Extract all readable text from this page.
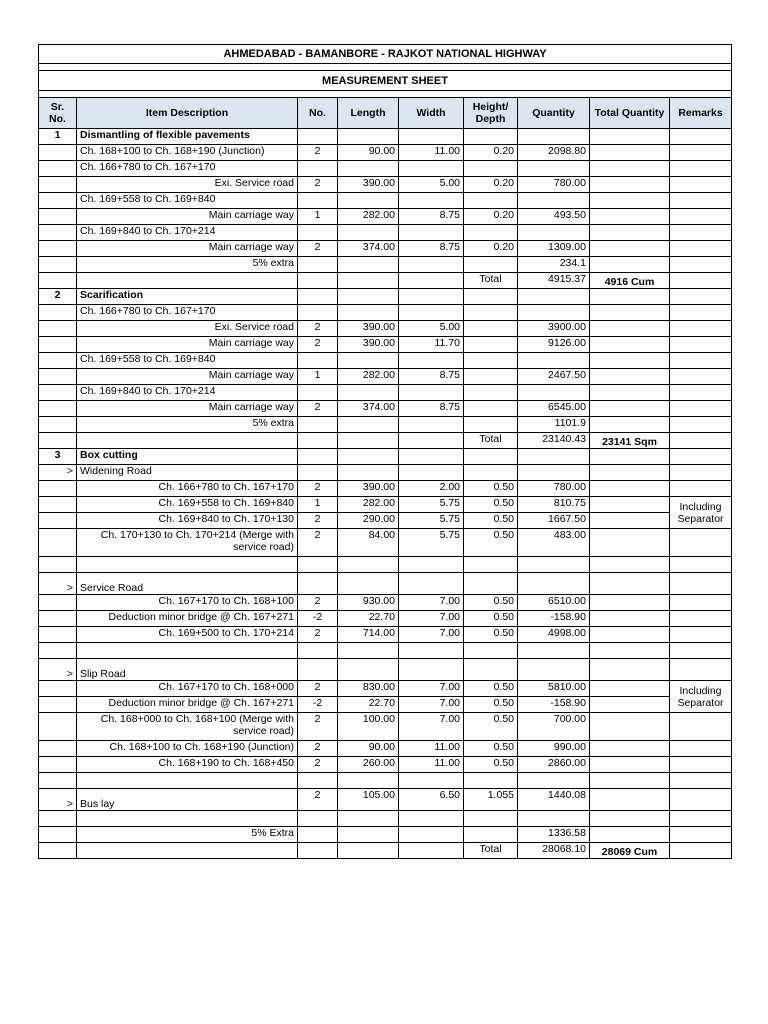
AHMEDABAD - BAMANBORE - RAJKOT NATIONAL HIGHWAY								

MEASUREMENT SHEET								

Sr. No.	Item Description	No.	Length	Width	Height/ Depth	Quantity	Total Quantity	Remarks
1	Dismantling of flexible pavements							
	Ch. 168+100 to Ch. 168+190 (Junction)	2	90.00	11.00	0.20	2098.80		
	Ch. 166+780 to Ch. 167+170							
	Exi. Service road	2	390.00	5.00	0.20	780.00		
	Ch. 169+558 to Ch. 169+840							
	Main carriage way	1	282.00	8.75	0.20	493.50		
	Ch. 169+840 to Ch. 170+214							
	Main carriage way	2	374.00	8.75	0.20	1309.00		
	5% extra					234.1		
					Total	4915.37	4916 Cum	
2	Scarification							
	Ch. 166+780 to Ch. 167+170							
	Exi. Service road	2	390.00	5.00		3900.00		
	Main carriage way	2	390.00	11.70		9126.00		
	Ch. 169+558 to Ch. 169+840							
	Main carriage way	1	282.00	8.75		2467.50		
	Ch. 169+840 to Ch. 170+214							
	Main carriage way	2	374.00	8.75		6545.00		
	5% extra					1101.9		
					Total	23140.43	23141 Sqm	
3	Box cutting							
>	Widening Road							
	Ch. 166+780 to Ch. 167+170	2	390.00	2.00	0.50	780.00		
	Ch. 169+558 to Ch. 169+840	1	282.00	5.75	0.50	810.75		Including Separator
	Ch. 169+840 to Ch. 170+130	2	290.00	5.75	0.50	1667.50		
	Ch. 170+130 to Ch. 170+214 (Merge with service road)	2	84.00	5.75	0.50	483.00		

>	Service Road							
	Ch. 167+170 to Ch. 168+100	2	930.00	7.00	0.50	6510.00		
	Deduction minor bridge @ Ch. 167+271	-2	22.70	7.00	0.50	-158.90		
	Ch. 169+500 to Ch. 170+214	2	714.00	7.00	0.50	4998.00		

>	Slip Road							
	Ch. 167+170 to Ch. 168+000	2	830.00	7.00	0.50	5810.00		Including Separator
	Deduction minor bridge @ Ch. 167+271	-2	22.70	7.00	0.50	-158.90		
	Ch. 168+000 to Ch. 168+100 (Merge with service road)	2	100.00	7.00	0.50	700.00		
	Ch. 168+100 to Ch. 168+190 (Junction)	2	90.00	11.00	0.50	990.00		
	Ch. 168+190 to Ch. 168+450	2	260.00	11.00	0.50	2860.00		

>	Bus lay	2	105.00	6.50	1.055	1440.08		

	5% Extra					1336.58		
					Total	28068.10	28069 Cum	
